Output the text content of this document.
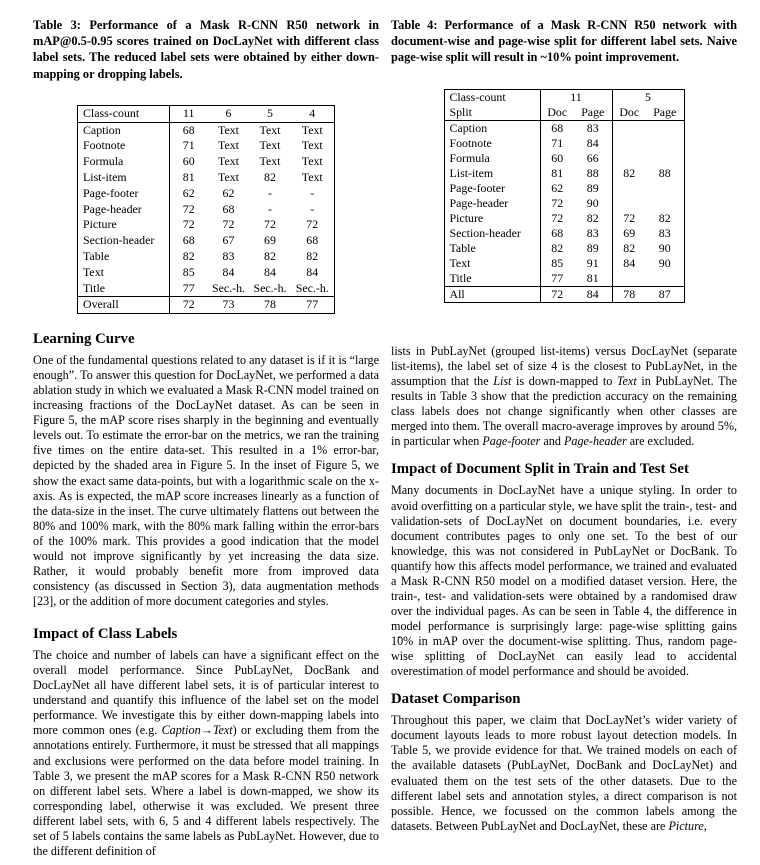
Table 3: Performance of a Mask R-CNN R50 network in mAP@0.5-0.95 scores trained on DocLayNet with different class label sets. The reduced label sets were obtained by either down-mapping or dropping labels.

Class-count	11	6	5	4
Caption	68	Text	Text	Text
Footnote	71	Text	Text	Text
Formula	60	Text	Text	Text
List-item	81	Text	82	Text
Page-footer	62	62	-	-
Page-header	72	68	-	-
Picture	72	72	72	72
Section-header	68	67	69	68
Table	82	83	82	82
Text	85	84	84	84
Title	77	Sec.-h.	Sec.-h.	Sec.-h.
Overall	72	73	78	77
Learning Curve

One of the fundamental questions related to any dataset is if it is “large enough”. To answer this question for DocLayNet, we performed a data ablation study in which we evaluated a Mask R-CNN model trained on increasing fractions of the DocLayNet dataset. As can be seen in Figure 5, the mAP score rises sharply in the beginning and eventually levels out. To estimate the error-bar on the metrics, we ran the training five times on the entire data-set. This resulted in a 1% error-bar, depicted by the shaded area in Figure 5. In the inset of Figure 5, we show the exact same data-points, but with a logarithmic scale on the x-axis. As is expected, the mAP score increases linearly as a function of the data-size in the inset. The curve ultimately flattens out between the 80% and 100% mark, with the 80% mark falling within the error-bars of the 100% mark. This provides a good indication that the model would not improve significantly by yet increasing the data size. Rather, it would probably benefit more from improved data consistency (as discussed in Section 3), data augmentation methods [23], or the addition of more document categories and styles.

Impact of Class Labels

The choice and number of labels can have a significant effect on the overall model performance. Since PubLayNet, DocBank and DocLayNet all have different label sets, it is of particular interest to understand and quantify this influence of the label set on the model performance. We investigate this by either down-mapping labels into more common ones (e.g. Caption→Text) or excluding them from the annotations entirely. Furthermore, it must be stressed that all mappings and exclusions were performed on the data before model training. In Table 3, we present the mAP scores for a Mask R-CNN R50 network on different label sets. Where a label is down-mapped, we show its corresponding label, otherwise it was excluded. We present three different label sets, with 6, 5 and 4 different labels respectively. The set of 5 labels contains the same labels as PubLayNet. However, due to the different definition of

Table 4: Performance of a Mask R-CNN R50 network with document-wise and page-wise split for different label sets. Naive page-wise split will result in ~10% point improvement.

Class-count	11		5	
Split	Doc	Page	Doc	Page
Caption	68	83		
Footnote	71	84		
Formula	60	66		
List-item	81	88	82	88
Page-footer	62	89		
Page-header	72	90		
Picture	72	82	72	82
Section-header	68	83	69	83
Table	82	89	82	90
Text	85	91	84	90
Title	77	81		
All	72	84	78	87

lists in PubLayNet (grouped list-items) versus DocLayNet (separate list-items), the label set of size 4 is the closest to PubLayNet, in the assumption that the List is down-mapped to Text in PubLayNet. The results in Table 3 show that the prediction accuracy on the remaining class labels does not change significantly when other classes are merged into them. The overall macro-average improves by around 5%, in particular when Page-footer and Page-header are excluded.

Impact of Document Split in Train and Test Set

Many documents in DocLayNet have a unique styling. In order to avoid overfitting on a particular style, we have split the train-, test- and validation-sets of DocLayNet on document boundaries, i.e. every document contributes pages to only one set. To the best of our knowledge, this was not considered in PubLayNet or DocBank. To quantify how this affects model performance, we trained and evaluated a Mask R-CNN R50 model on a modified dataset version. Here, the train-, test- and validation-sets were obtained by a randomised draw over the individual pages. As can be seen in Table 4, the difference in model performance is surprisingly large: page-wise splitting gains 1̃0% in mAP over the document-wise splitting. Thus, random page-wise splitting of DocLayNet can easily lead to accidental overestimation of model performance and should be avoided.

Dataset Comparison

Throughout this paper, we claim that DocLayNet’s wider variety of document layouts leads to more robust layout detection models. In Table 5, we provide evidence for that. We trained models on each of the available datasets (PubLayNet, DocBank and DocLayNet) and evaluated them on the test sets of the other datasets. Due to the different label sets and annotation styles, a direct comparison is not possible. Hence, we focussed on the common labels among the datasets. Between PubLayNet and DocLayNet, these are Picture,
